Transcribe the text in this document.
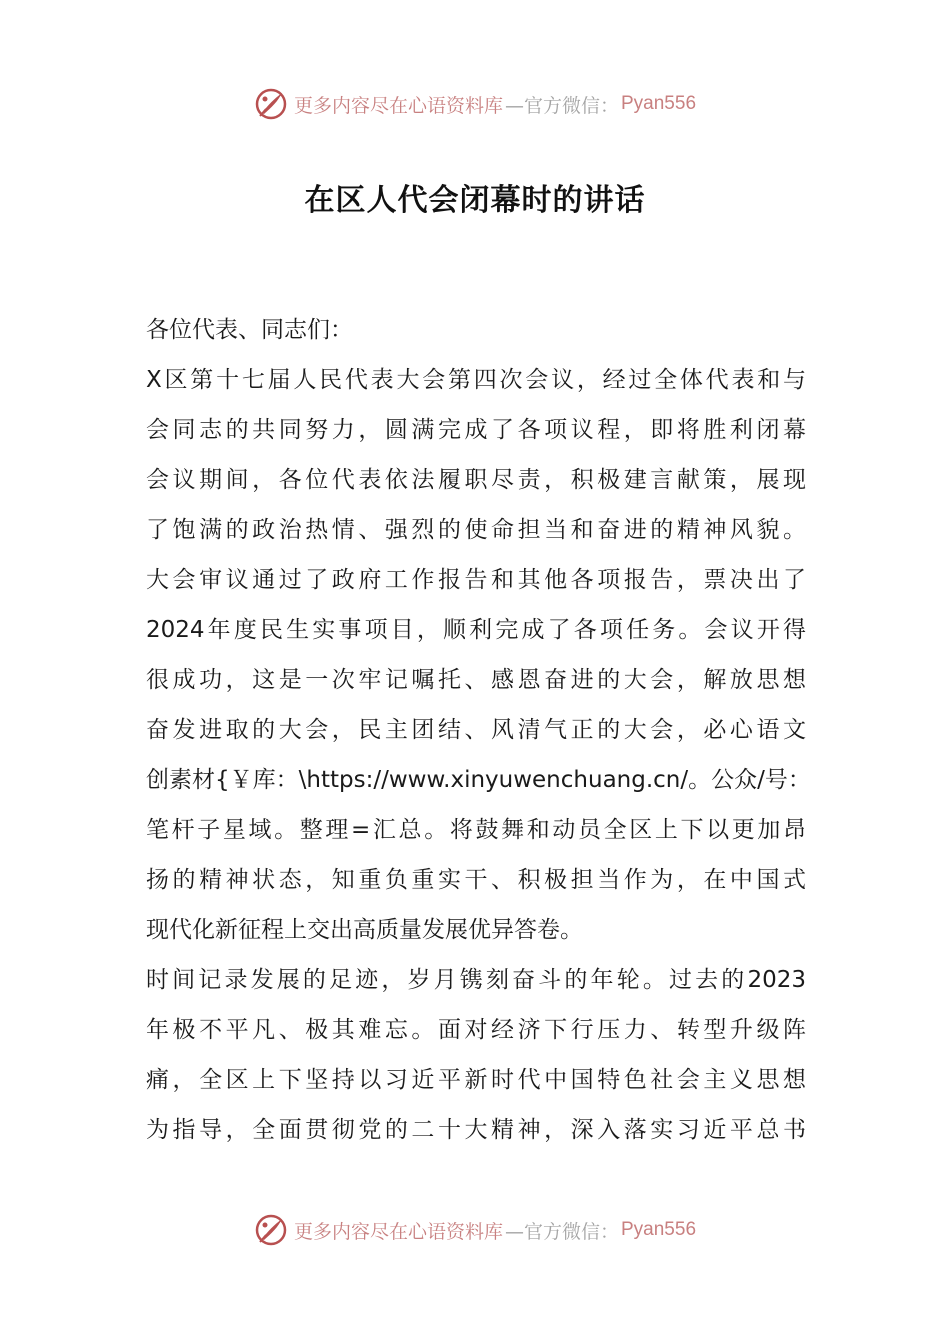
更多内容尽在心语资料库 —官方微信： Pyan556
在区人代会闭幕时的讲话
各位代表、同志们：
X区第十七届人民代表大会第四次会议，经过全体代表和与
会同志的共同努力，圆满完成了各项议程，即将胜利闭幕
会议期间，各位代表依法履职尽责，积极建言献策，展现
了饱满的政治热情、强烈的使命担当和奋进的精神风貌。
大会审议通过了政府工作报告和其他各项报告，票决出了
2024年度民生实事项目，顺利完成了各项任务。会议开得
很成功，这是一次牢记嘱托、感恩奋进的大会，解放思想
奋发进取的大会，民主团结、风清气正的大会，必心语文
创素材{￥库：\https://www.xinyuwenchuang.cn/。公众/号：
笔杆子星域。整理=汇总。将鼓舞和动员全区上下以更加昂
扬的精神状态，知重负重实干、积极担当作为，在中国式
现代化新征程上交出高质量发展优异答卷。
时间记录发展的足迹，岁月镌刻奋斗的年轮。过去的2023
年极不平凡、极其难忘。面对经济下行压力、转型升级阵
痛，全区上下坚持以习近平新时代中国特色社会主义思想
为指导，全面贯彻党的二十大精神，深入落实习近平总书
更多内容尽在心语资料库 —官方微信： Pyan556
